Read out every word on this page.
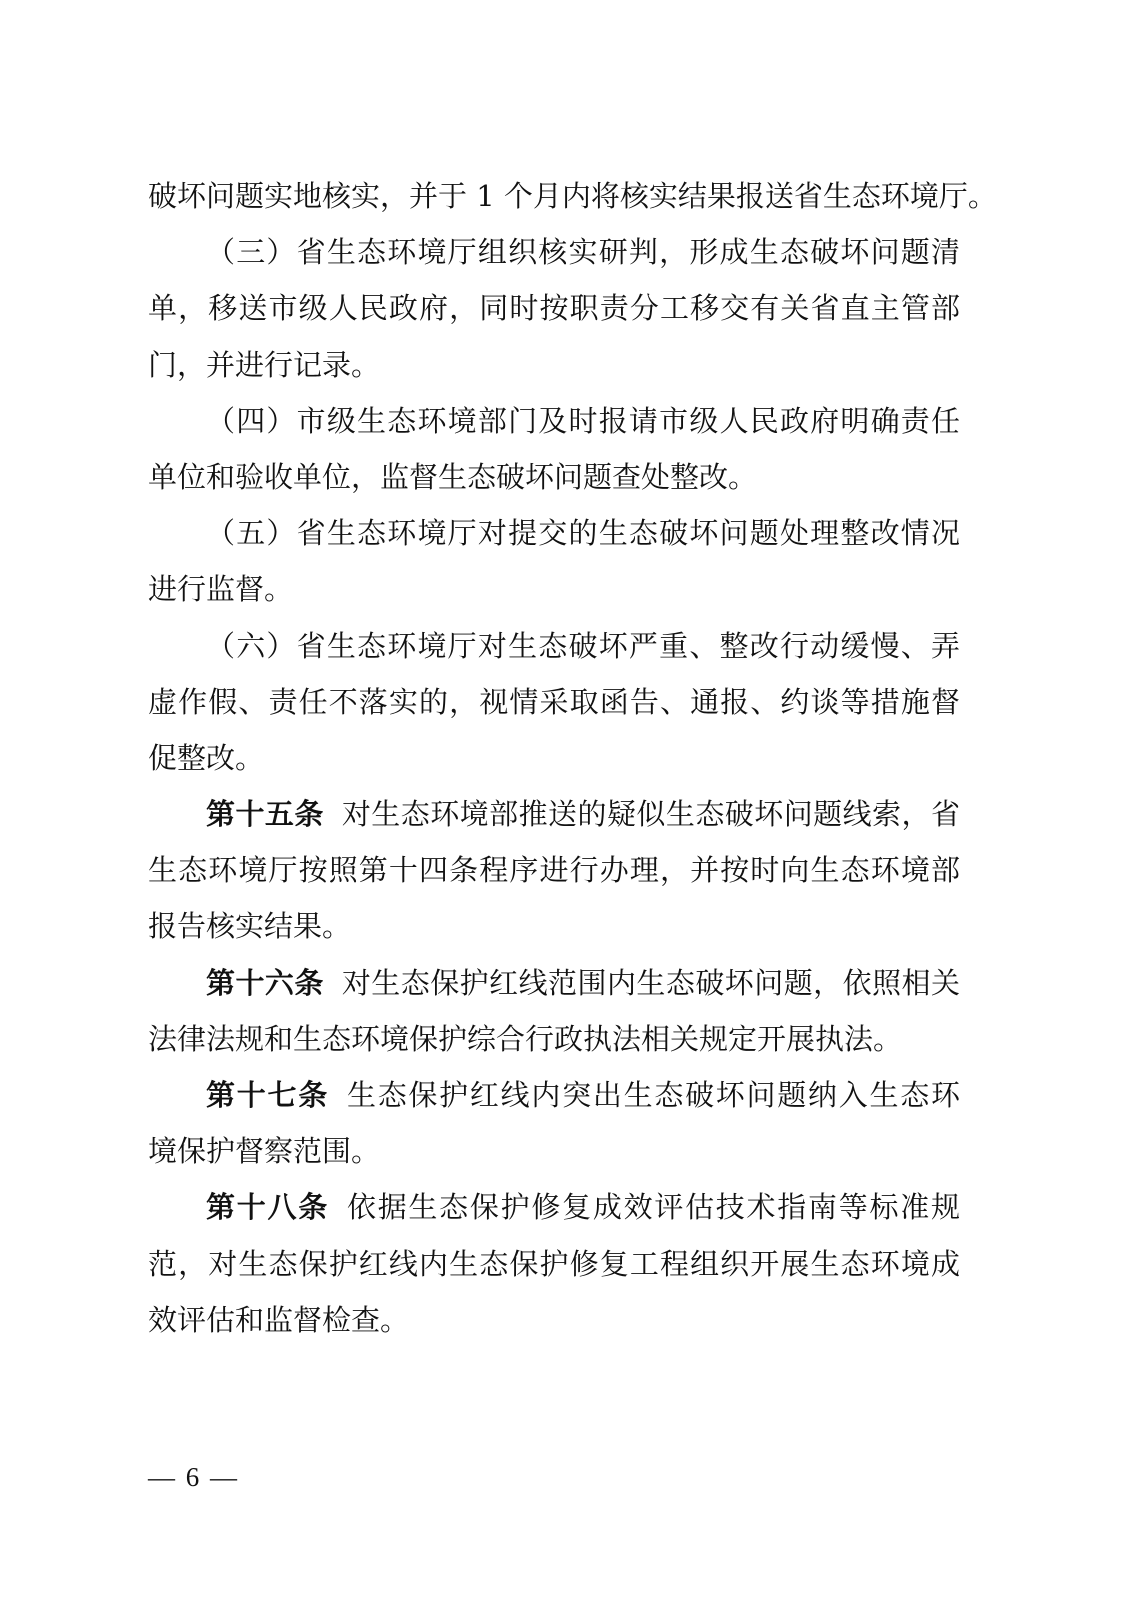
破坏问题实地核实，并于 1 个月内将核实结果报送省生态环境厅。
（三）省生态环境厅组织核实研判，形成生态破坏问题清
单，移送市级人民政府，同时按职责分工移交有关省直主管部
门，并进行记录。
（四）市级生态环境部门及时报请市级人民政府明确责任
单位和验收单位，监督生态破坏问题查处整改。
（五）省生态环境厅对提交的生态破坏问题处理整改情况
进行监督。
（六）省生态环境厅对生态破坏严重、整改行动缓慢、弄
虚作假、责任不落实的，视情采取函告、通报、约谈等措施督
促整改。
第十五条 对生态环境部推送的疑似生态破坏问题线索，省
生态环境厅按照第十四条程序进行办理，并按时向生态环境部
报告核实结果。
第十六条 对生态保护红线范围内生态破坏问题，依照相关
法律法规和生态环境保护综合行政执法相关规定开展执法。
第十七条 生态保护红线内突出生态破坏问题纳入生态环
境保护督察范围。
第十八条 依据生态保护修复成效评估技术指南等标准规
范，对生态保护红线内生态保护修复工程组织开展生态环境成
效评估和监督检查。
— 6 —
